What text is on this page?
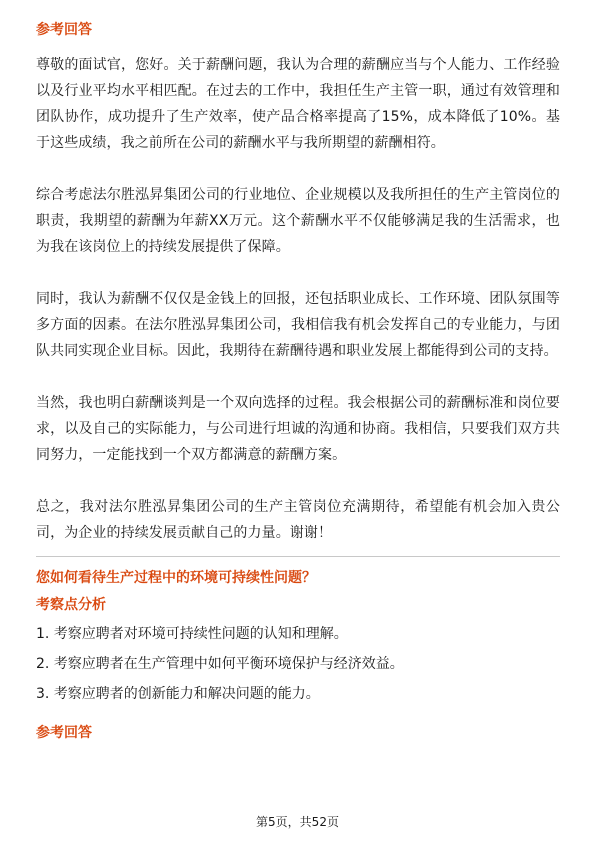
参考回答

尊敬的面试官，您好。关于薪酬问题，我认为合理的薪酬应当与个人能力、工作经验以及行业平均水平相匹配。在过去的工作中，我担任生产主管一职，通过有效管理和团队协作，成功提升了生产效率，使产品合格率提高了15%，成本降低了10%。基于这些成绩，我之前所在公司的薪酬水平与我所期望的薪酬相符。

综合考虑法尔胜泓昇集团公司的行业地位、企业规模以及我所担任的生产主管岗位的职责，我期望的薪酬为年薪XX万元。这个薪酬水平不仅能够满足我的生活需求，也为我在该岗位上的持续发展提供了保障。

同时，我认为薪酬不仅仅是金钱上的回报，还包括职业成长、工作环境、团队氛围等多方面的因素。在法尔胜泓昇集团公司，我相信我有机会发挥自己的专业能力，与团队共同实现企业目标。因此，我期待在薪酬待遇和职业发展上都能得到公司的支持。

当然，我也明白薪酬谈判是一个双向选择的过程。我会根据公司的薪酬标准和岗位要求，以及自己的实际能力，与公司进行坦诚的沟通和协商。我相信，只要我们双方共同努力，一定能找到一个双方都满意的薪酬方案。

总之，我对法尔胜泓昇集团公司的生产主管岗位充满期待，希望能有机会加入贵公司，为企业的持续发展贡献自己的力量。谢谢！

您如何看待生产过程中的环境可持续性问题？

考察点分析

1. 考察应聘者对环境可持续性问题的认知和理解。
2. 考察应聘者在生产管理中如何平衡环境保护与经济效益。
3. 考察应聘者的创新能力和解决问题的能力。

参考回答

第5页，共52页
